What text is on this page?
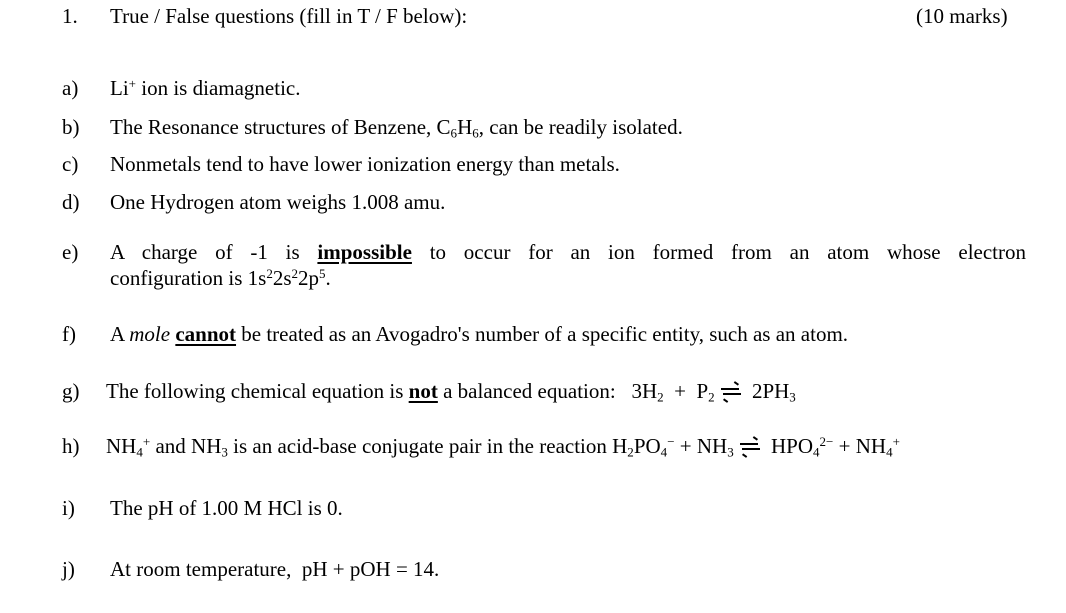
1. True / False questions (fill in T / F below):	(10 marks)
a) Li+ ion is diamagnetic.
b) The Resonance structures of Benzene, $C_6H_6$, can be readily isolated.
c) Nonmetals tend to have lower ionization energy than metals.
d) One Hydrogen atom weighs 1.008 amu.
e) A charge of -1 is impossible to occur for an ion formed from an atom whose electron
configuration is $1s^22s^22p^5$.
f) A mole cannot be treated as an Avogadro's number of a specific entity, such as an atom.
g) The following chemical equation is not a balanced equation: $3H_2 + P_2$ $2PH_3$
h) $NH_4^+$ and $NH_3$ is an acid-base conjugate pair in the reaction $H_2PO_4^- + NH_3$ $HPO_4^{2-} + NH_4^+$
i) The pH of 1.00 M HCl is 0.
j) At room temperature,  pH + pOH = 14.
